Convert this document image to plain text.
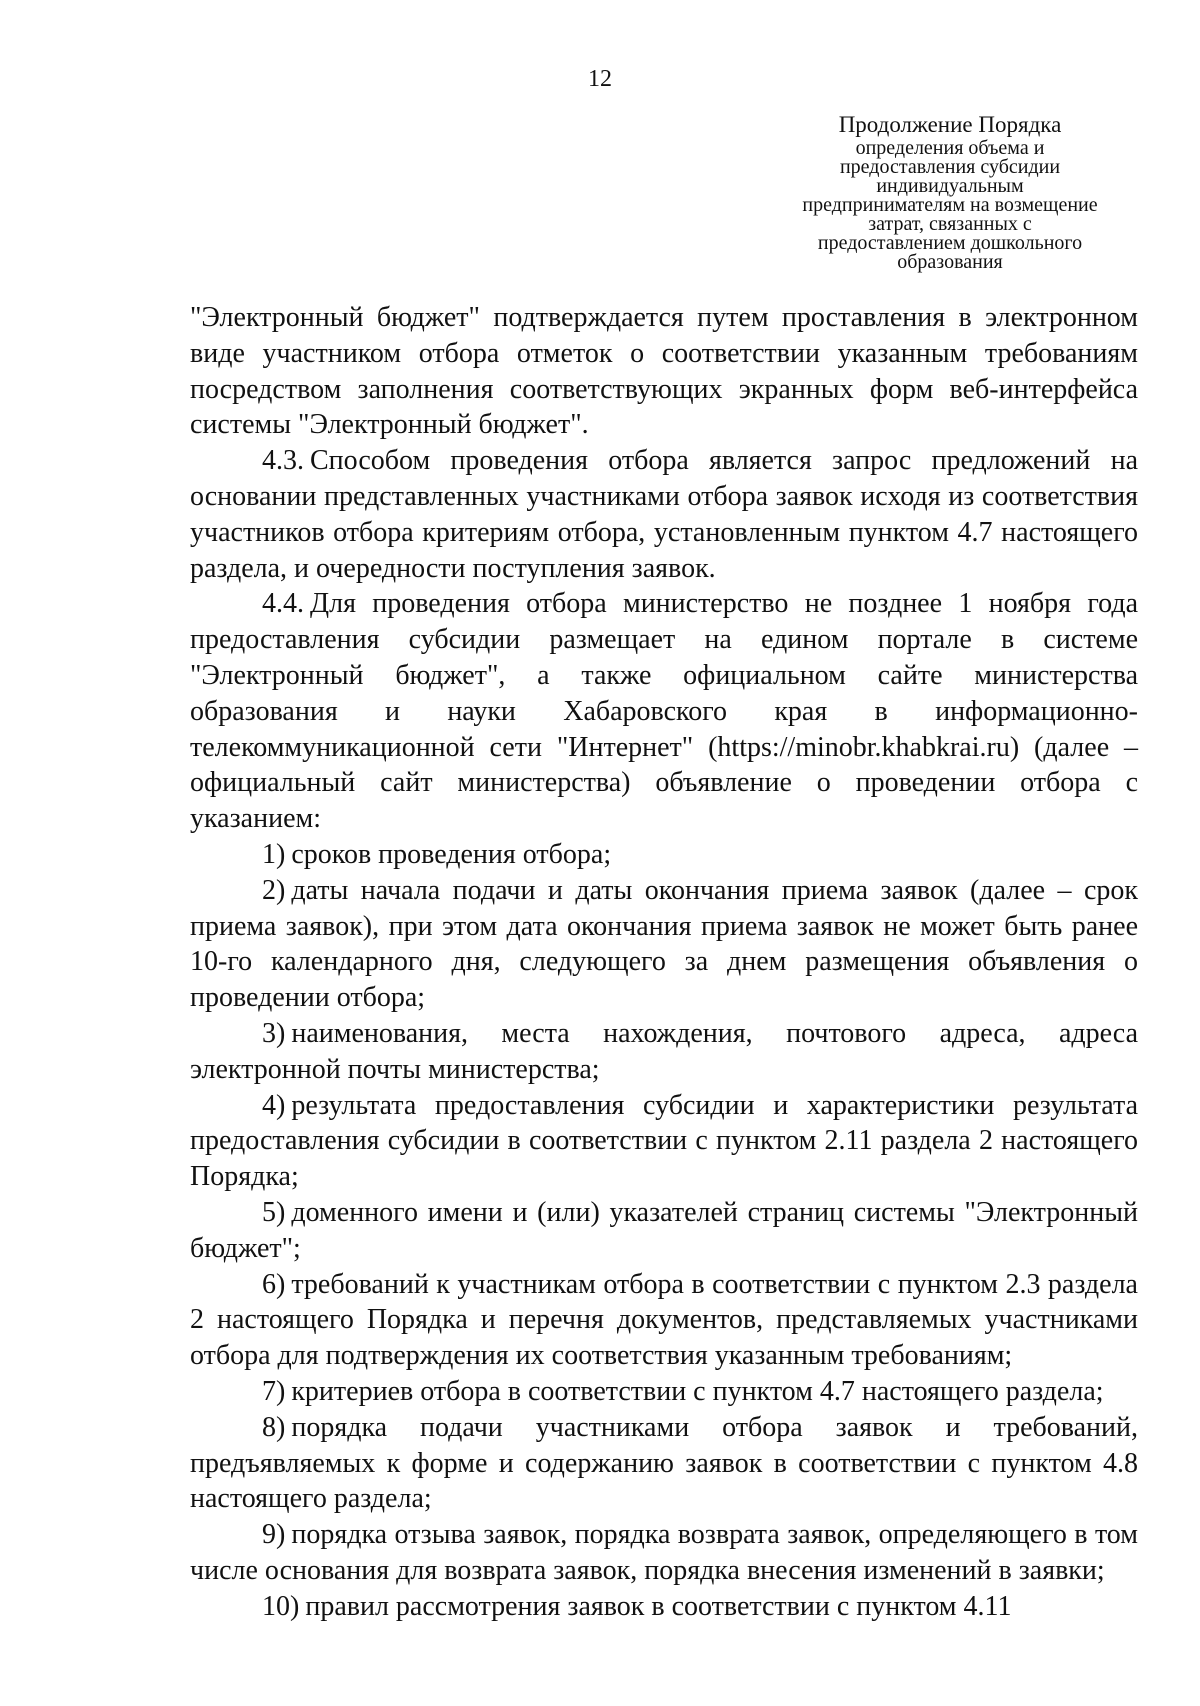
12
Продолжение Порядка
определения объема и
предоставления субсидии
индивидуальным
предпринимателям на возмещение
затрат, связанных с
предоставлением дошкольного
образования

"Электронный бюджет" подтверждается путем проставления в электронном виде участником отбора отметок о соответствии указанным требованиям посредством заполнения соответствующих экранных форм веб-интерфейса системы "Электронный бюджет".

4.3. Способом проведения отбора является запрос предложений на основании представленных участниками отбора заявок исходя из соответствия участников отбора критериям отбора, установленным пунктом 4.7 настоящего раздела, и очередности поступления заявок.

4.4. Для проведения отбора министерство не позднее 1 ноября года предоставления субсидии размещает на едином портале в системе "Электронный бюджет", а также официальном сайте министерства образования и науки Хабаровского края в информационно-телекоммуникационной сети "Интернет" (https://minobr.khabkrai.ru) (далее – официальный сайт министерства) объявление о проведении отбора с указанием:

1) сроков проведения отбора;

2) даты начала подачи и даты окончания приема заявок (далее – срок приема заявок), при этом дата окончания приема заявок не может быть ранее 10-го календарного дня, следующего за днем размещения объявления о проведении отбора;

3) наименования, места нахождения, почтового адреса, адреса электронной почты министерства;

4) результата предоставления субсидии и характеристики результата предоставления субсидии в соответствии с пунктом 2.11 раздела 2 настоящего Порядка;

5) доменного имени и (или) указателей страниц системы "Электронный бюджет";

6) требований к участникам отбора в соответствии с пунктом 2.3 раздела 2 настоящего Порядка и перечня документов, представляемых участниками отбора для подтверждения их соответствия указанным требованиям;

7) критериев отбора в соответствии с пунктом 4.7 настоящего раздела;

8) порядка подачи участниками отбора заявок и требований, предъявляемых к форме и содержанию заявок в соответствии с пунктом 4.8 настоящего раздела;

9) порядка отзыва заявок, порядка возврата заявок, определяющего в том числе основания для возврата заявок, порядка внесения изменений в заявки;

10) правил рассмотрения заявок в соответствии с пунктом 4.11
